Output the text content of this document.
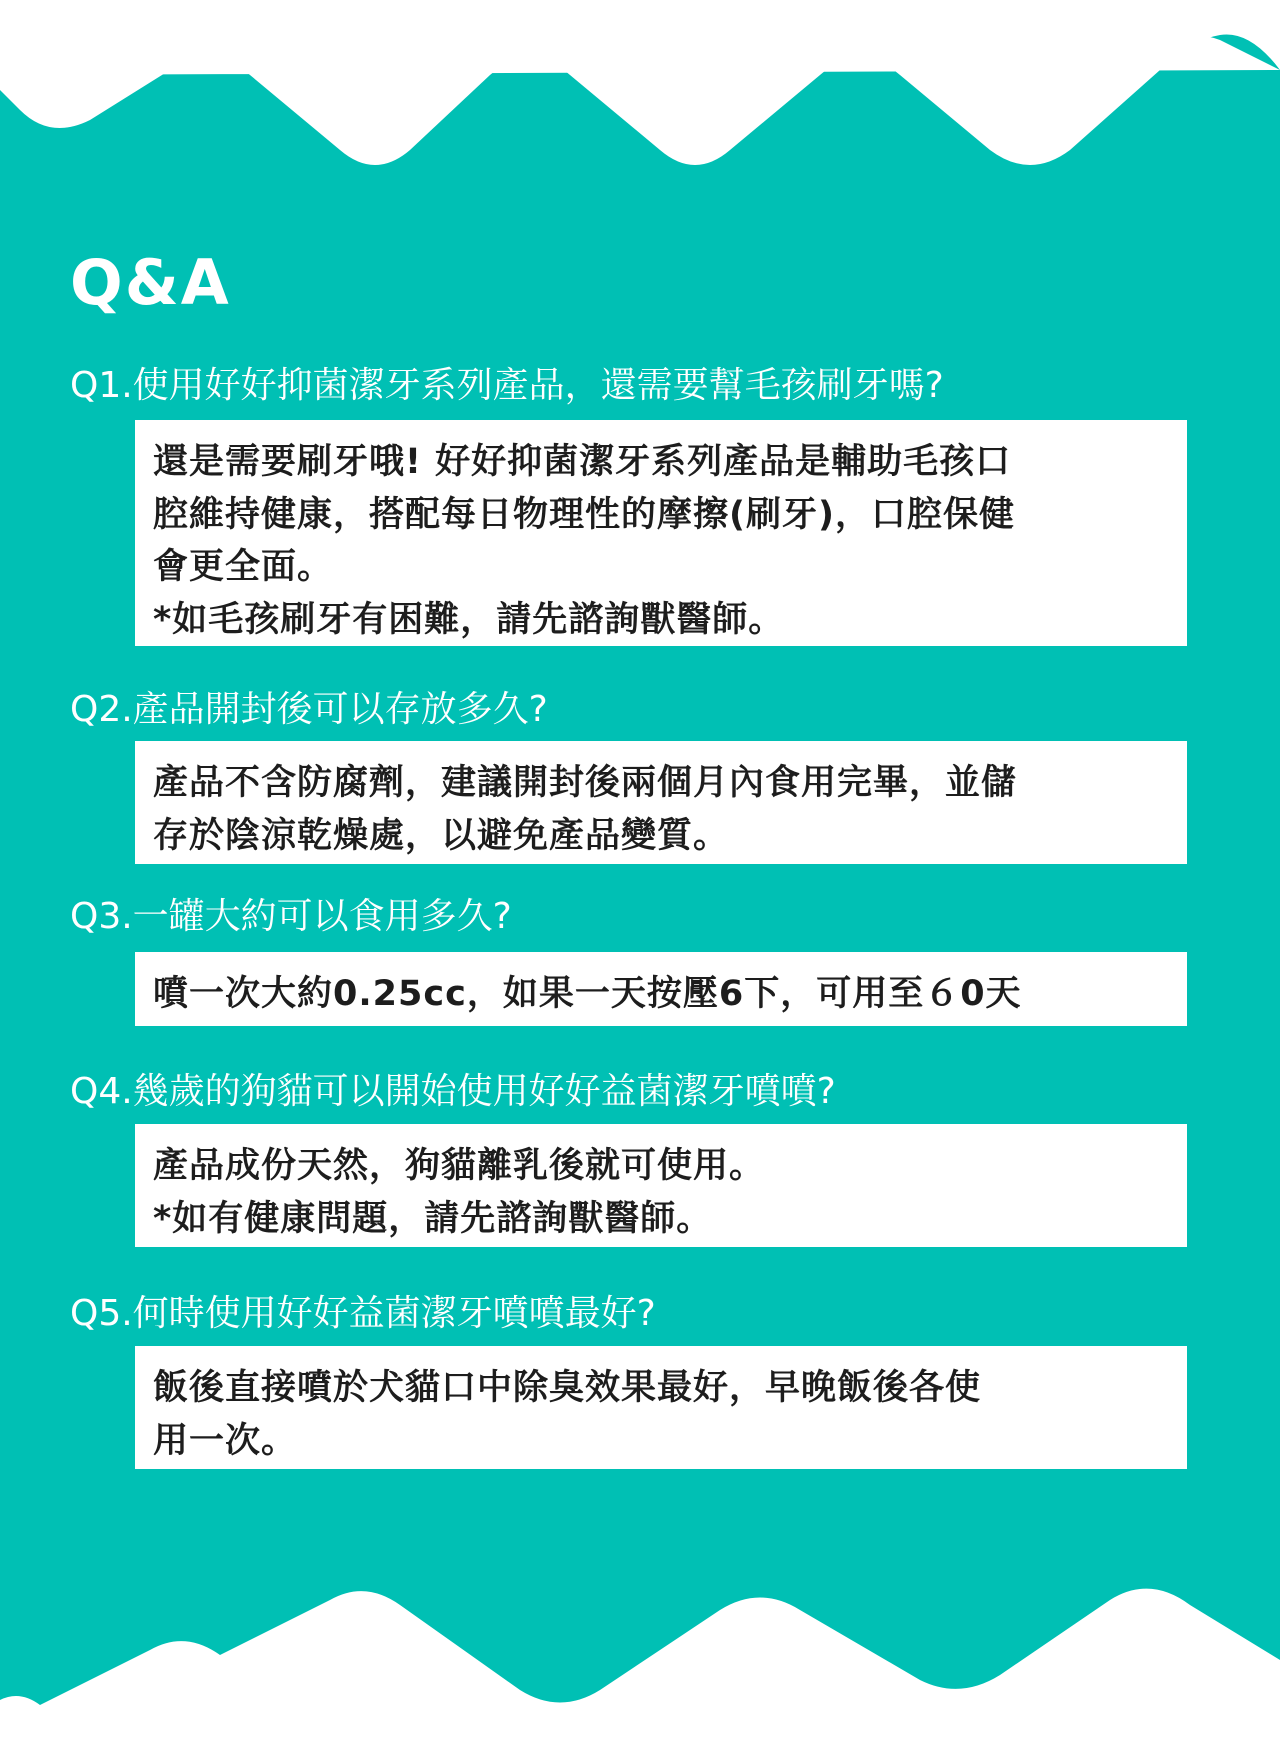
Q&A
Q1.使用好好抑菌潔牙系列產品，還需要幫毛孩刷牙嗎?
還是需要刷牙哦! 好好抑菌潔牙系列產品是輔助毛孩口
腔維持健康，搭配每日物理性的摩擦(刷牙)，口腔保健
會更全面。
*如毛孩刷牙有困難，請先諮詢獸醫師。
Q2.產品開封後可以存放多久?
產品不含防腐劑，建議開封後兩個月內食用完畢，並儲
存於陰涼乾燥處，以避免產品變質。
Q3.一罐大約可以食用多久?
噴一次大約0.25cc，如果一天按壓6下，可用至６0天
Q4.幾歲的狗貓可以開始使用好好益菌潔牙噴噴?
產品成份天然，狗貓離乳後就可使用。
*如有健康問題，請先諮詢獸醫師。
Q5.何時使用好好益菌潔牙噴噴最好?
飯後直接噴於犬貓口中除臭效果最好，早晚飯後各使
用一次。
